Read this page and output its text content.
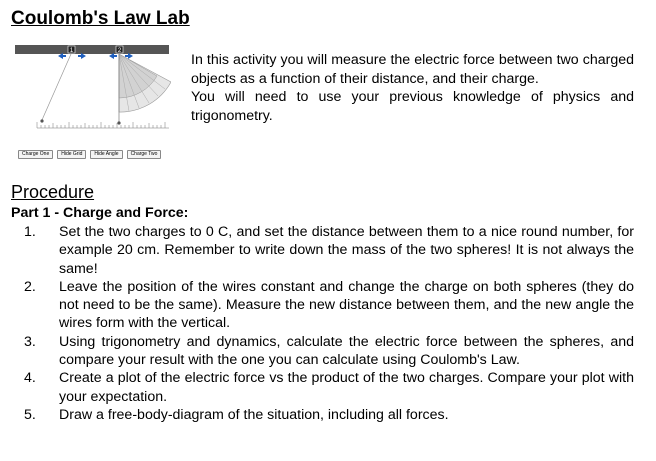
Coulomb's Law Lab
1	2
Charge One	Hide Grid	Hide Angle	Charge Two

In this activity you will measure the electric force between two charged objects as a function of their distance, and their charge.

You will need to use your previous knowledge of physics and trigonometry.

Procedure
Part 1 - Charge and Force:
1.	Set the two charges to 0 C, and set the distance between them to a nice round number, for example 20 cm. Remember to write down the mass of the two spheres! It is not always the same!
2.	Leave the position of the wires constant and change the charge on both spheres (they do not need to be the same). Measure the new distance between them, and the new angle the wires form with the vertical.
3.	Using trigonometry and dynamics, calculate the electric force between the spheres, and compare your result with the one you can calculate using Coulomb's Law.
4.	Create a plot of the electric force vs the product of the two charges. Compare your plot with your expectation.
5.	Draw a free-body-diagram of the situation, including all forces.
